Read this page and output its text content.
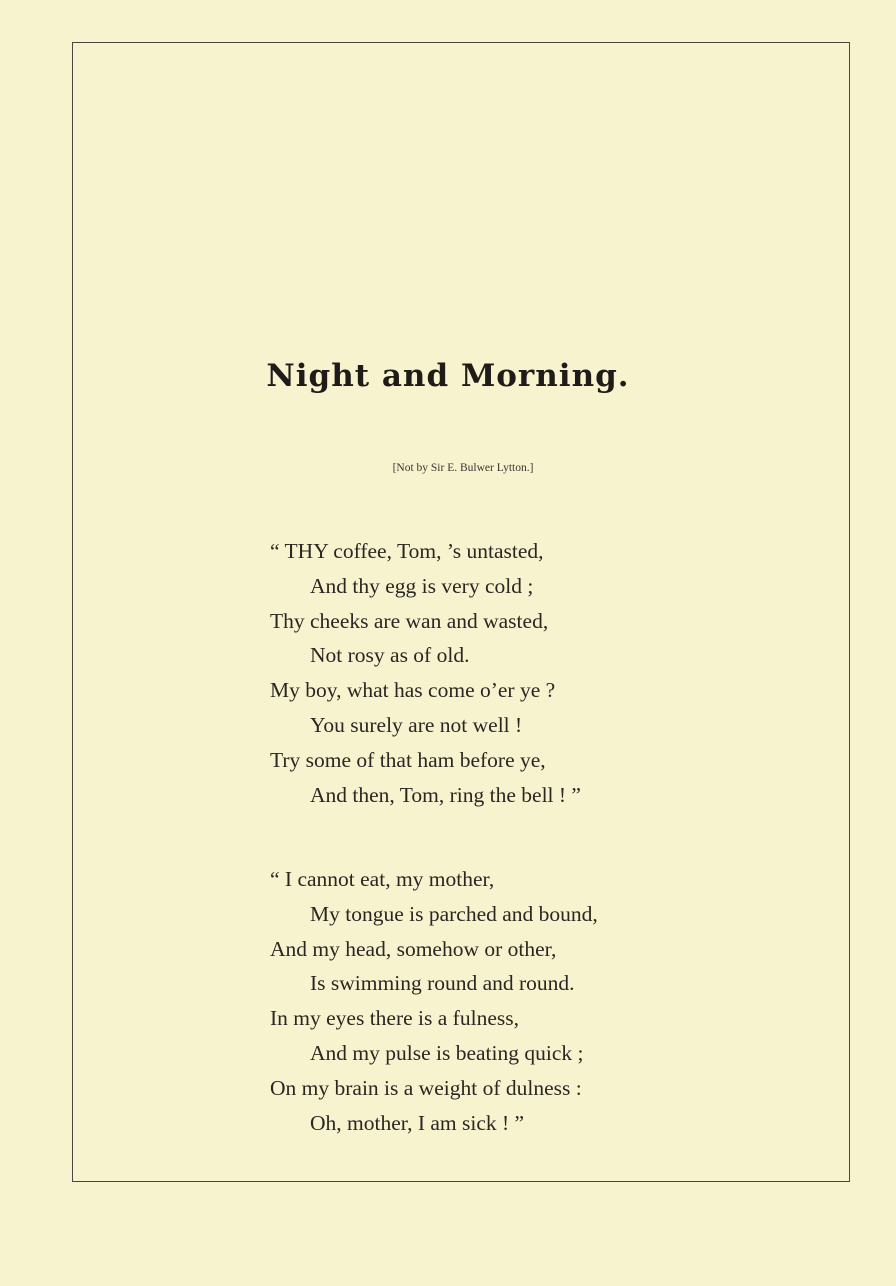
Night and Morning.
[Not by Sir E. Bulwer Lytton.]
“ THY coffee, Tom, ’s untasted,
And thy egg is very cold ;
Thy cheeks are wan and wasted,
Not rosy as of old.
My boy, what has come o’er ye ?
You surely are not well !
Try some of that ham before ye,
And then, Tom, ring the bell ! ”
“ I cannot eat, my mother,
My tongue is parched and bound,
And my head, somehow or other,
Is swimming round and round.
In my eyes there is a fulness,
And my pulse is beating quick ;
On my brain is a weight of dulness :
Oh, mother, I am sick ! ”
